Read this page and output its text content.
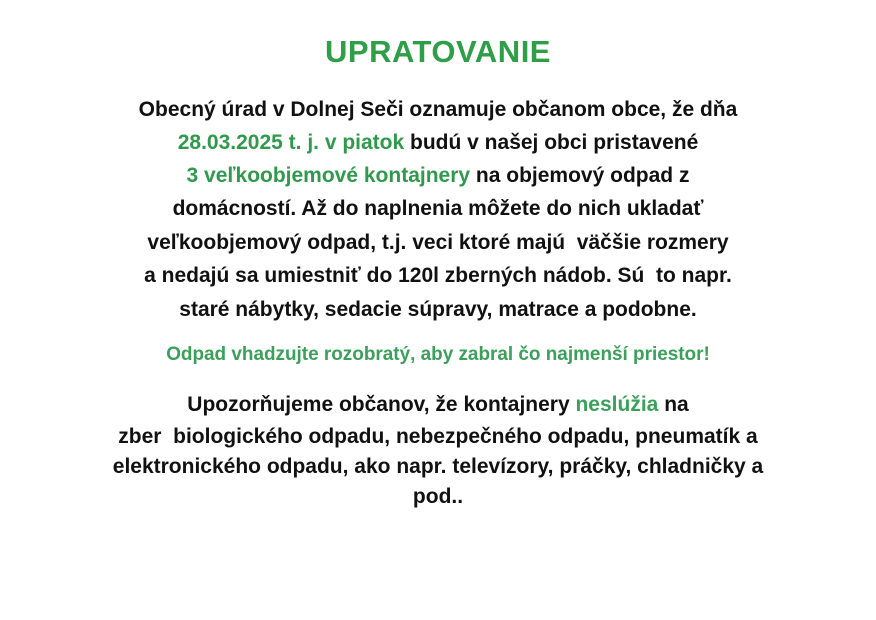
UPRATOVANIE
Obecný úrad v Dolnej Seči oznamuje občanom obce, že dňa
28.03.2025 t. j. v piatok budú v našej obci pristavené
3 veľkoobjemové kontajnery na objemový odpad z
domácností. Až do naplnenia môžete do nich ukladať
veľkoobjemový odpad, t.j. veci ktoré majú  väčšie rozmery
a nedajú sa umiestniť do 120l zberných nádob. Sú  to napr.
staré nábytky, sedacie súpravy, matrace a podobne.
Odpad vhadzujte rozobratý, aby zabral čo najmenší priestor!
Upozorňujeme občanov, že kontajnery neslúžia na
zber  biologického odpadu, nebezpečného odpadu, pneumatík a
elektronického odpadu, ako napr. televízory, práčky, chladničky a
pod..
